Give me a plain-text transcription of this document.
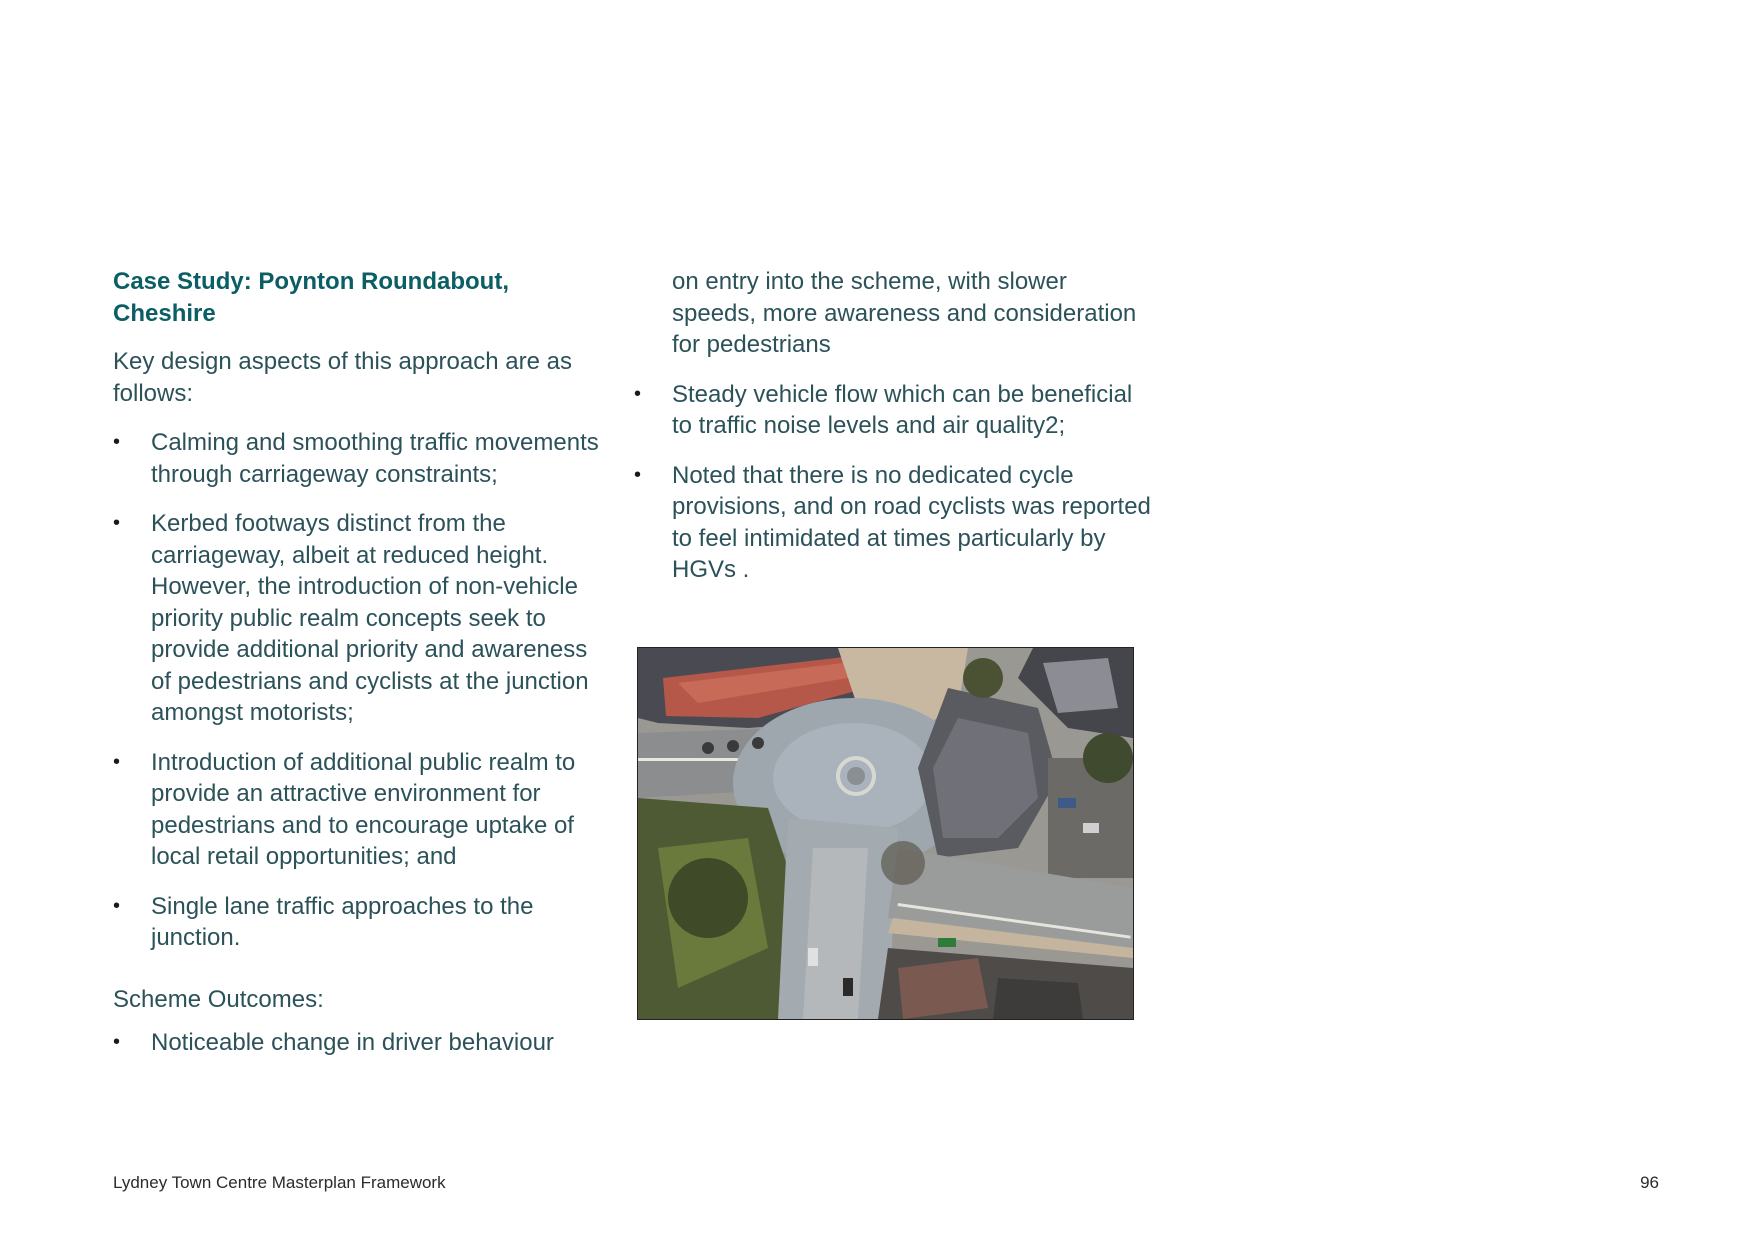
Case Study: Poynton Roundabout, Cheshire
Key design aspects of this approach are as follows:
• Calming and smoothing traffic movements through carriageway constraints;
• Kerbed footways distinct from the carriageway, albeit at reduced height. However, the introduction of non-vehicle priority public realm concepts seek to provide additional priority and awareness of pedestrians and cyclists at the junction amongst motorists;
• Introduction of additional public realm to provide an attractive environment for pedestrians and to encourage uptake of local retail opportunities; and
• Single lane traffic approaches to the junction.
Scheme Outcomes:
• Noticeable change in driver behaviour
on entry into the scheme, with slower speeds, more awareness and consideration for pedestrians
• Steady vehicle flow which can be beneficial to traffic noise levels and air quality2;
• Noted that there is no dedicated cycle provisions, and on road cyclists was reported to feel intimidated at times particularly by HGVs .
Lydney Town Centre Masterplan Framework	96
